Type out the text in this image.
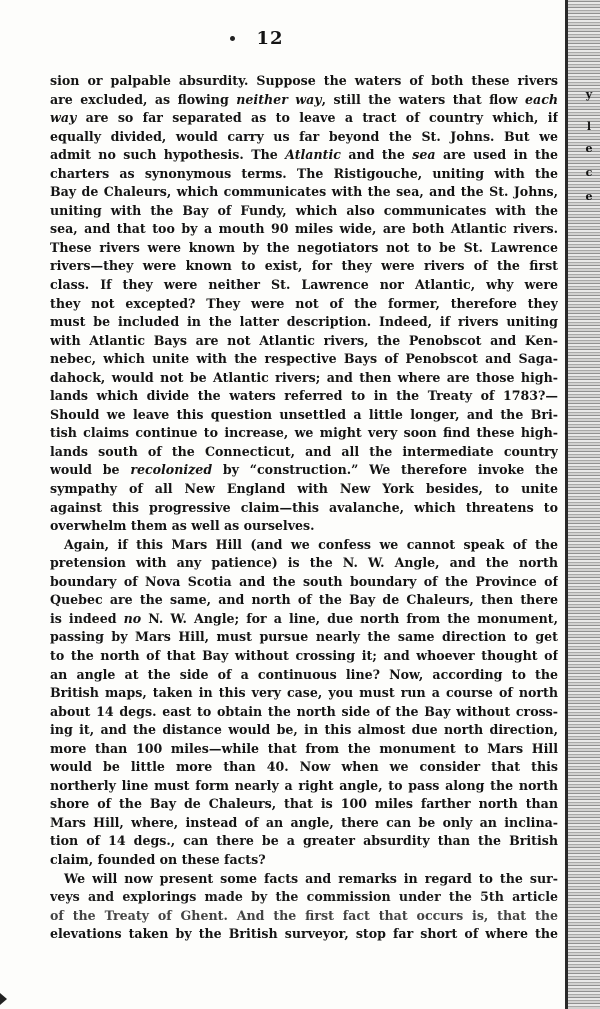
12
sion or palpable absurdity. Suppose the waters of both these rivers
are excluded, as flowing neither way, still the waters that flow each
way are so far separated as to leave a tract of country which, if
equally divided, would carry us far beyond the St. Johns. But we
admit no such hypothesis. The Atlantic and the sea are used in the
charters as synonymous terms. The Ristigouche, uniting with the
Bay de Chaleurs, which communicates with the sea, and the St. Johns,
uniting with the Bay of Fundy, which also communicates with the
sea, and that too by a mouth 90 miles wide, are both Atlantic rivers.
These rivers were known by the negotiators not to be St. Lawrence
rivers—they were known to exist, for they were rivers of the first
class. If they were neither St. Lawrence nor Atlantic, why were
they not excepted? They were not of the former, therefore they
must be included in the latter description. Indeed, if rivers uniting
with Atlantic Bays are not Atlantic rivers, the Penobscot and Ken-
nebec, which unite with the respective Bays of Penobscot and Saga-
dahock, would not be Atlantic rivers; and then where are those high-
lands which divide the waters referred to in the Treaty of 1783?—
Should we leave this question unsettled a little longer, and the Bri-
tish claims continue to increase, we might very soon find these high-
lands south of the Connecticut, and all the intermediate country
would be recolonized by “construction.” We therefore invoke the
sympathy of all New England with New York besides, to unite
against this progressive claim—this avalanche, which threatens to
overwhelm them as well as ourselves.
Again, if this Mars Hill (and we confess we cannot speak of the
pretension with any patience) is the N. W. Angle, and the north
boundary of Nova Scotia and the south boundary of the Province of
Quebec are the same, and north of the Bay de Chaleurs, then there
is indeed no N. W. Angle; for a line, due north from the monument,
passing by Mars Hill, must pursue nearly the same direction to get
to the north of that Bay without crossing it; and whoever thought of
an angle at the side of a continuous line? Now, according to the
British maps, taken in this very case, you must run a course of north
about 14 degs. east to obtain the north side of the Bay without cross-
ing it, and the distance would be, in this almost due north direction,
more than 100 miles—while that from the monument to Mars Hill
would be little more than 40. Now when we consider that this
northerly line must form nearly a right angle, to pass along the north
shore of the Bay de Chaleurs, that is 100 miles farther north than
Mars Hill, where, instead of an angle, there can be only an inclina-
tion of 14 degs., can there be a greater absurdity than the British
claim, founded on these facts?
We will now present some facts and remarks in regard to the sur-
veys and explorings made by the commission under the 5th article
of the Treaty of Ghent. And the first fact that occurs is, that the
elevations taken by the British surveyor, stop far short of where the
y
l
e
c
e
